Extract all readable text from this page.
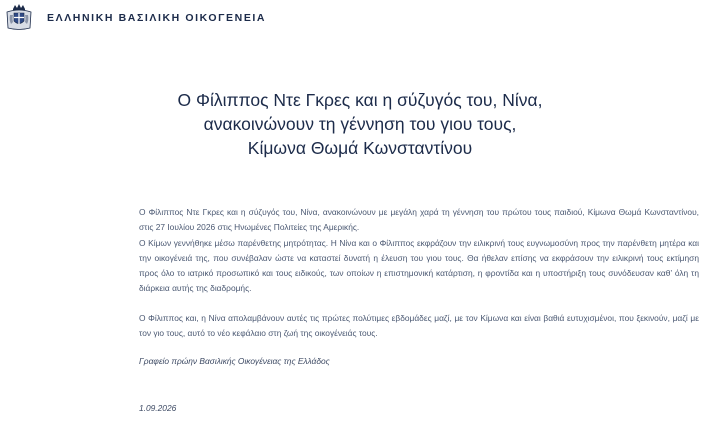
ΕΛΛΗΝΙΚΗ ΒΑΣΙΛΙΚΗ ΟΙΚΟΓΕΝΕΙΑ
Ο Φίλιππος Ντε Γκρες και η σύζυγός του, Νίνα,
ανακοινώνουν τη γέννηση του γιου τους,
Κίμωνα Θωμά Κωνσταντίνου

Ο Φίλιππος Ντε Γκρες και η σύζυγός του, Νίνα, ανακοινώνουν με μεγάλη χαρά τη γέννηση του πρώτου τους παιδιού, Κίμωνα Θωμά Κωνσταντίνου, στις 27 Ιουλίου 2026 στις Ηνωμένες Πολιτείες της Αμερικής.

Ο Κίμων γεννήθηκε μέσω παρένθετης μητρότητας. Η Νίνα και ο Φίλιππος εκφράζουν την ειλικρινή τους ευγνωμοσύνη προς την παρένθετη μητέρα και την οικογένειά της, που συνέβαλαν ώστε να καταστεί δυνατή η έλευση του γιου τους. Θα ήθελαν επίσης να εκφράσουν την ειλικρινή τους εκτίμηση προς όλο το ιατρικό προσωπικό και τους ειδικούς, των οποίων η επιστημονική κατάρτιση, η φροντίδα και η υποστήριξη τους συνόδευσαν καθ’ όλη τη διάρκεια αυτής της διαδρομής.

Ο Φίλιππος και, η Νίνα απολαμβάνουν αυτές τις πρώτες πολύτιμες εβδομάδες μαζί, με τον Κίμωνα και είναι βαθιά ευτυχισμένοι, που ξεκινούν, μαζί με τον γιο τους, αυτό το νέο κεφάλαιο στη ζωή της οικογένειάς τους.

Γραφείο πρώην Βασιλικής Οικογένειας της Ελλάδος

1.09.2026
